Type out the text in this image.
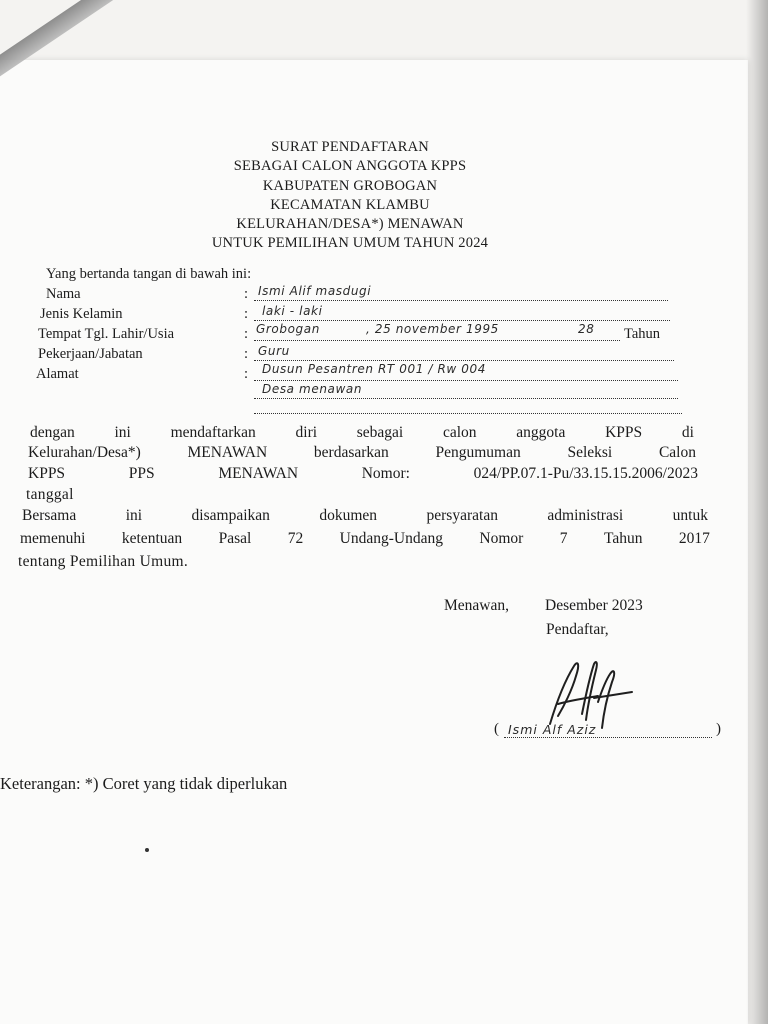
SURAT PENDAFTARAN
SEBAGAI CALON ANGGOTA KPPS
KABUPATEN GROBOGAN
KECAMATAN KLAMBU
KELURAHAN/DESA*) MENAWAN
UNTUK PEMILIHAN UMUM TAHUN 2024
Yang bertanda tangan di bawah ini:
Nama	: Ismi Alif masdugi
Jenis Kelamin	: laki - laki
Tempat Tgl. Lahir/Usia	: Grobogan	, 25 november 1995	28 Tahun
Pekerjaan/Jabatan	: Guru
Alamat	: Dusun Pesantren RT 001 / Rw 004
Desa menawan
dengan	ini	mendaftarkan	diri	sebagai	calon	anggota	KPPS	di
Kelurahan/Desa*)	MENAWAN	berdasarkan	Pengumuman	Seleksi	Calon
KPPS	PPS	MENAWAN	Nomor:	024/PP.07.1-Pu/33.15.15.2006/2023
tanggal
Bersama	ini	disampaikan	dokumen	persyaratan	administrasi	untuk
memenuhi ketentuan Pasal 72 Undang-Undang Nomor 7 Tahun 2017
tentang Pemilihan Umum.
Menawan, Desember 2023
Pendaftar,
( Ismi Alf Aziz	)
Keterangan: *) Coret yang tidak diperlukan
